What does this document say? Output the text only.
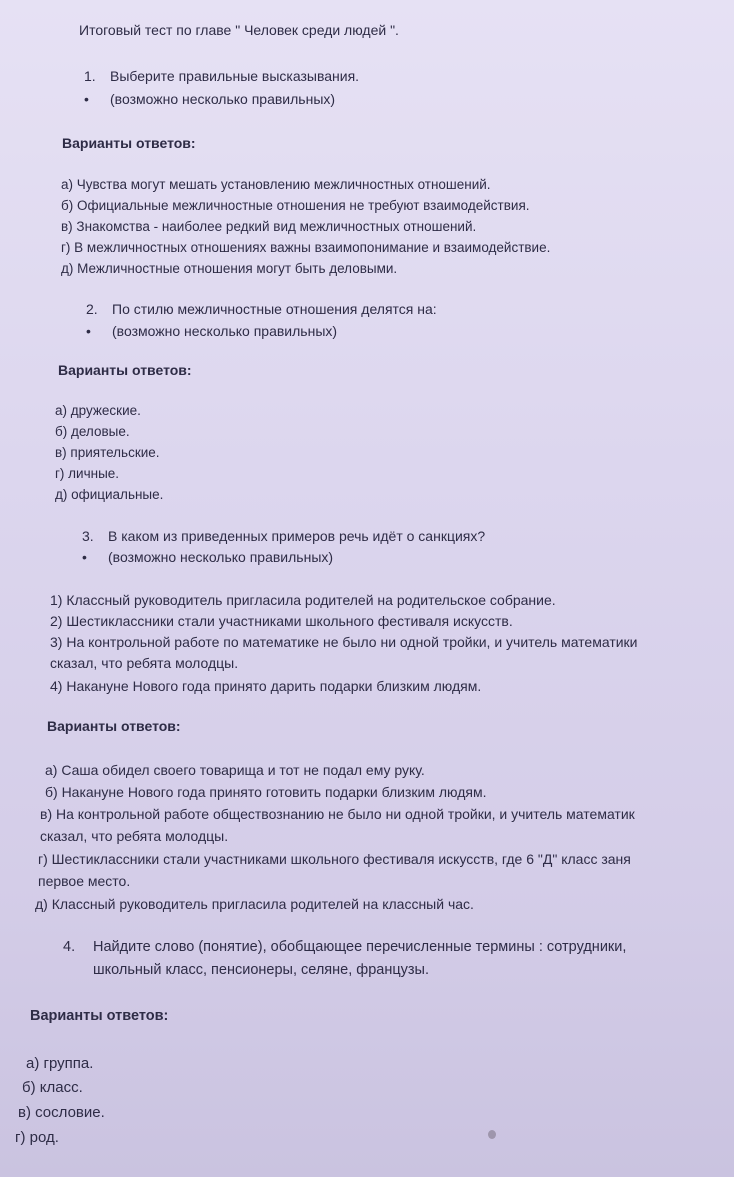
Итоговый тест по главе " Человек среди людей ".
1. Выберите правильные высказывания.
• (возможно несколько правильных)
Варианты ответов:
а) Чувства могут мешать установлению межличностных отношений.
б) Официальные межличностные отношения не требуют взаимодействия.
в) Знакомства - наиболее редкий вид межличностных отношений.
г) В межличностных отношениях важны взаимопонимание и взаимодействие.
д) Межличностные отношения могут быть деловыми.
2. По стилю межличностные отношения делятся на:
• (возможно несколько правильных)
Варианты ответов:
а) дружеские.
б) деловые.
в) приятельские.
г) личные.
д) официальные.
3. В каком из приведенных примеров речь идёт о санкциях?
• (возможно несколько правильных)
1) Классный руководитель пригласила родителей на родительское собрание.
2) Шестиклассники стали участниками школьного фестиваля искусств.
3) На контрольной работе по математике не было ни одной тройки, и учитель математики
сказал, что ребята молодцы.
4) Накануне Нового года принято дарить подарки близким людям.
Варианты ответов:
а) Саша обидел своего товарища и тот не подал ему руку.
б) Накануне Нового года принято готовить подарки близким людям.
в) На контрольной работе обществознанию не было ни одной тройки, и учитель математик
сказал, что ребята молодцы.
г) Шестиклассники стали участниками школьного фестиваля искусств, где 6 "Д" класс заня
первое место.
д) Классный руководитель пригласила родителей на классный час.
4. Найдите слово (понятие), обобщающее перечисленные термины : сотрудники,
школьный класс, пенсионеры, селяне, французы.
Варианты ответов:
а) группа.
б) класс.
в) сословие.
г) род.
